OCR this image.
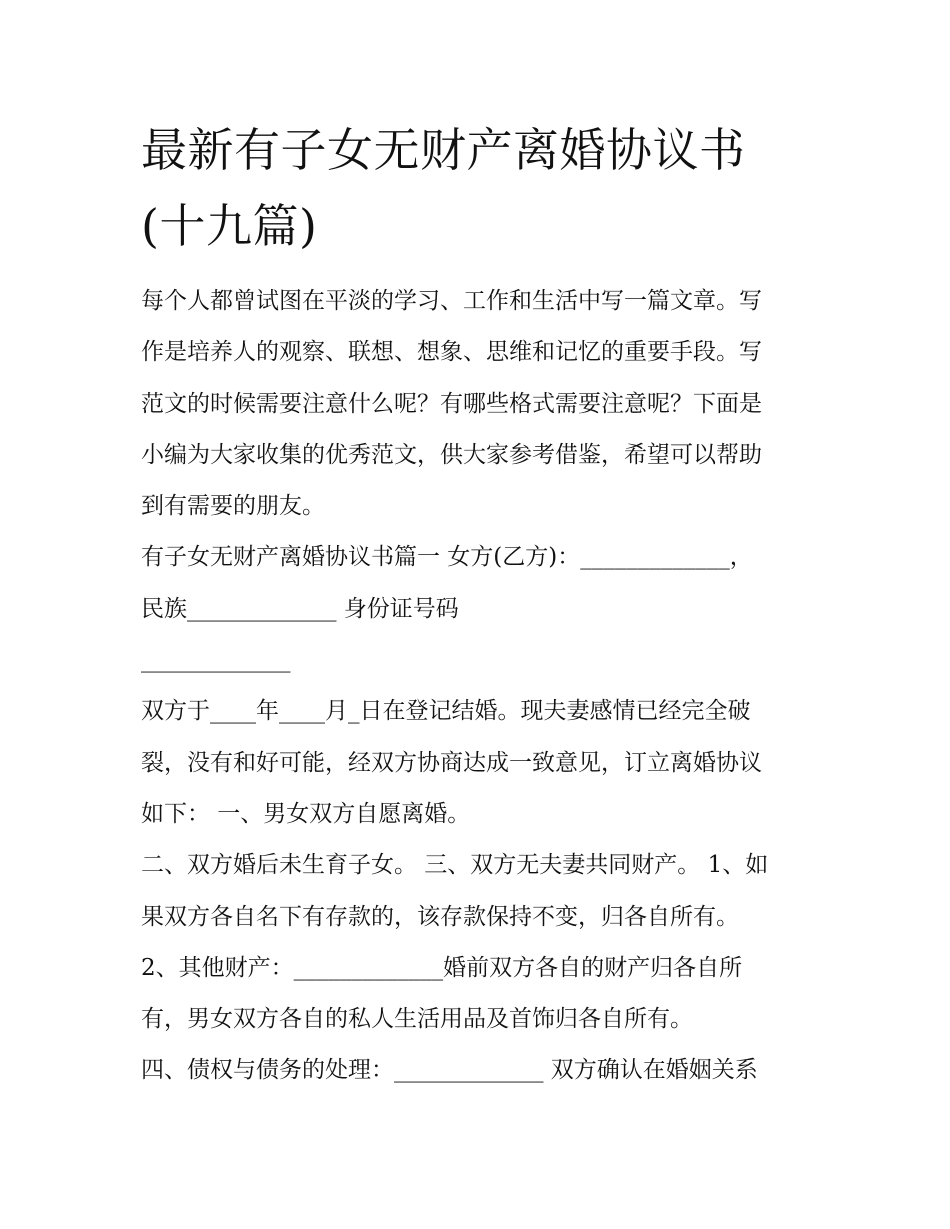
最新有子女无财产离婚协议书
(十九篇)
每个人都曾试图在平淡的学习、工作和生活中写一篇文章。写
作是培养人的观察、联想、想象、思维和记忆的重要手段。写
范文的时候需要注意什么呢？有哪些格式需要注意呢？下面是
小编为大家收集的优秀范文，供大家参考借鉴，希望可以帮助
到有需要的朋友。
有子女无财产离婚协议书篇一 女方(乙方)：_____________，
民族_____________ 身份证号码
_____________
双方于____年____月_日在登记结婚。现夫妻感情已经完全破
裂，没有和好可能，经双方协商达成一致意见，订立离婚协议
如下： 一、男女双方自愿离婚。
二、双方婚后未生育子女。 三、双方无夫妻共同财产。 1、如
果双方各自名下有存款的，该存款保持不变，归各自所有。
2、其他财产：_____________婚前双方各自的财产归各自所
有，男女双方各自的私人生活用品及首饰归各自所有。
四、债权与债务的处理：_____________ 双方确认在婚姻关系
